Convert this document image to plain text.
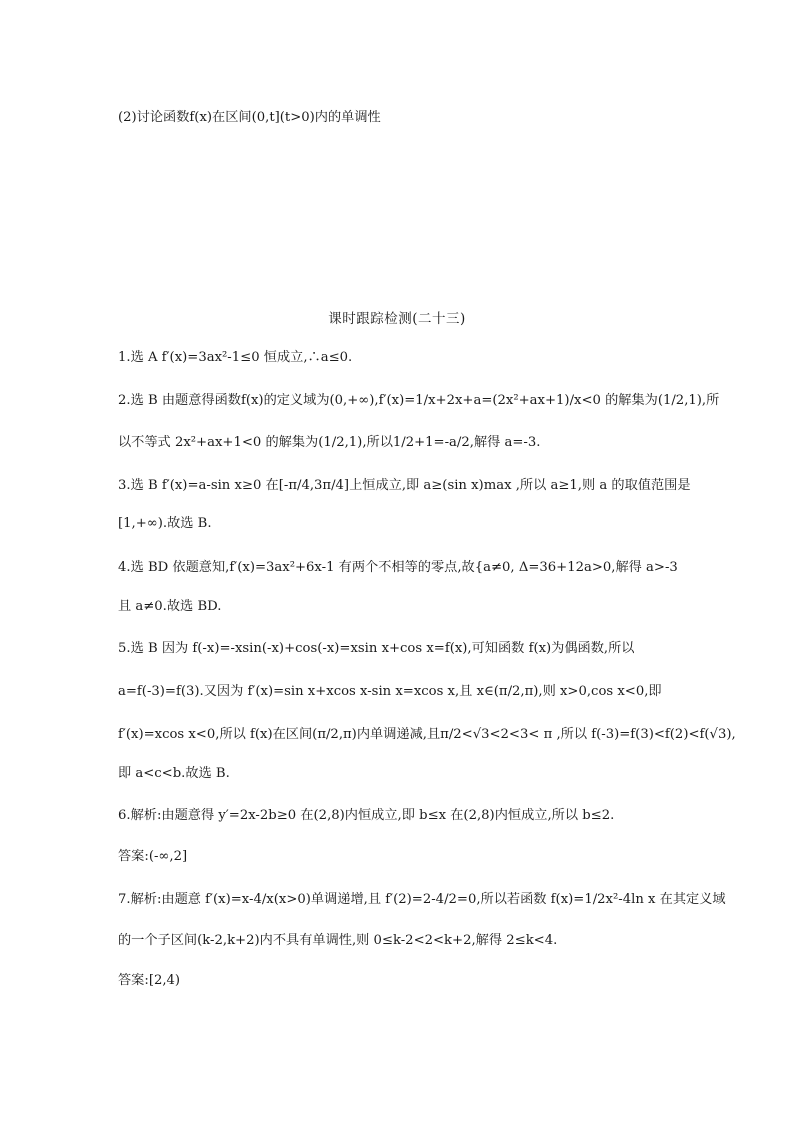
(2)讨论函数f(x)在区间(0,t](t>0)内的单调性
课时跟踪检测(二十三)
1.选 A f′(x)=3ax²-1≤0 恒成立,∴a≤0.
2.选 B 由题意得函数f(x)的定义域为(0,+∞),f′(x)=1/x+2x+a=(2x²+ax+1)/x<0 的解集为(1/2,1),所
以不等式 2x²+ax+1<0 的解集为(1/2,1),所以1/2+1=-a/2,解得 a=-3.
3.选 B f′(x)=a-sin x≥0 在[-π/4,3π/4]上恒成立,即 a≥(sin x)max ,所以 a≥1,则 a 的取值范围是
[1,+∞).故选 B.
4.选 BD 依题意知,f′(x)=3ax²+6x-1 有两个不相等的零点,故{a≠0, Δ=36+12a>0,解得 a>-3
且 a≠0.故选 BD.
5.选 B 因为 f(-x)=-xsin(-x)+cos(-x)=xsin x+cos x=f(x),可知函数 f(x)为偶函数,所以
a=f(-3)=f(3).又因为 f′(x)=sin x+xcos x-sin x=xcos x,且 x∈(π/2,π),则 x>0,cos x<0,即
f′(x)=xcos x<0,所以 f(x)在区间(π/2,π)内单调递减,且π/2<√3<2<3< π ,所以 f(-3)=f(3)<f(2)<f(√3),
即 a<c<b.故选 B.
6.解析:由题意得 y′=2x-2b≥0 在(2,8)内恒成立,即 b≤x 在(2,8)内恒成立,所以 b≤2.
答案:(-∞,2]
7.解析:由题意 f′(x)=x-4/x(x>0)单调递增,且 f′(2)=2-4/2=0,所以若函数 f(x)=1/2x²-4ln x 在其定义域
的一个子区间(k-2,k+2)内不具有单调性,则 0≤k-2<2<k+2,解得 2≤k<4.
答案:[2,4)
